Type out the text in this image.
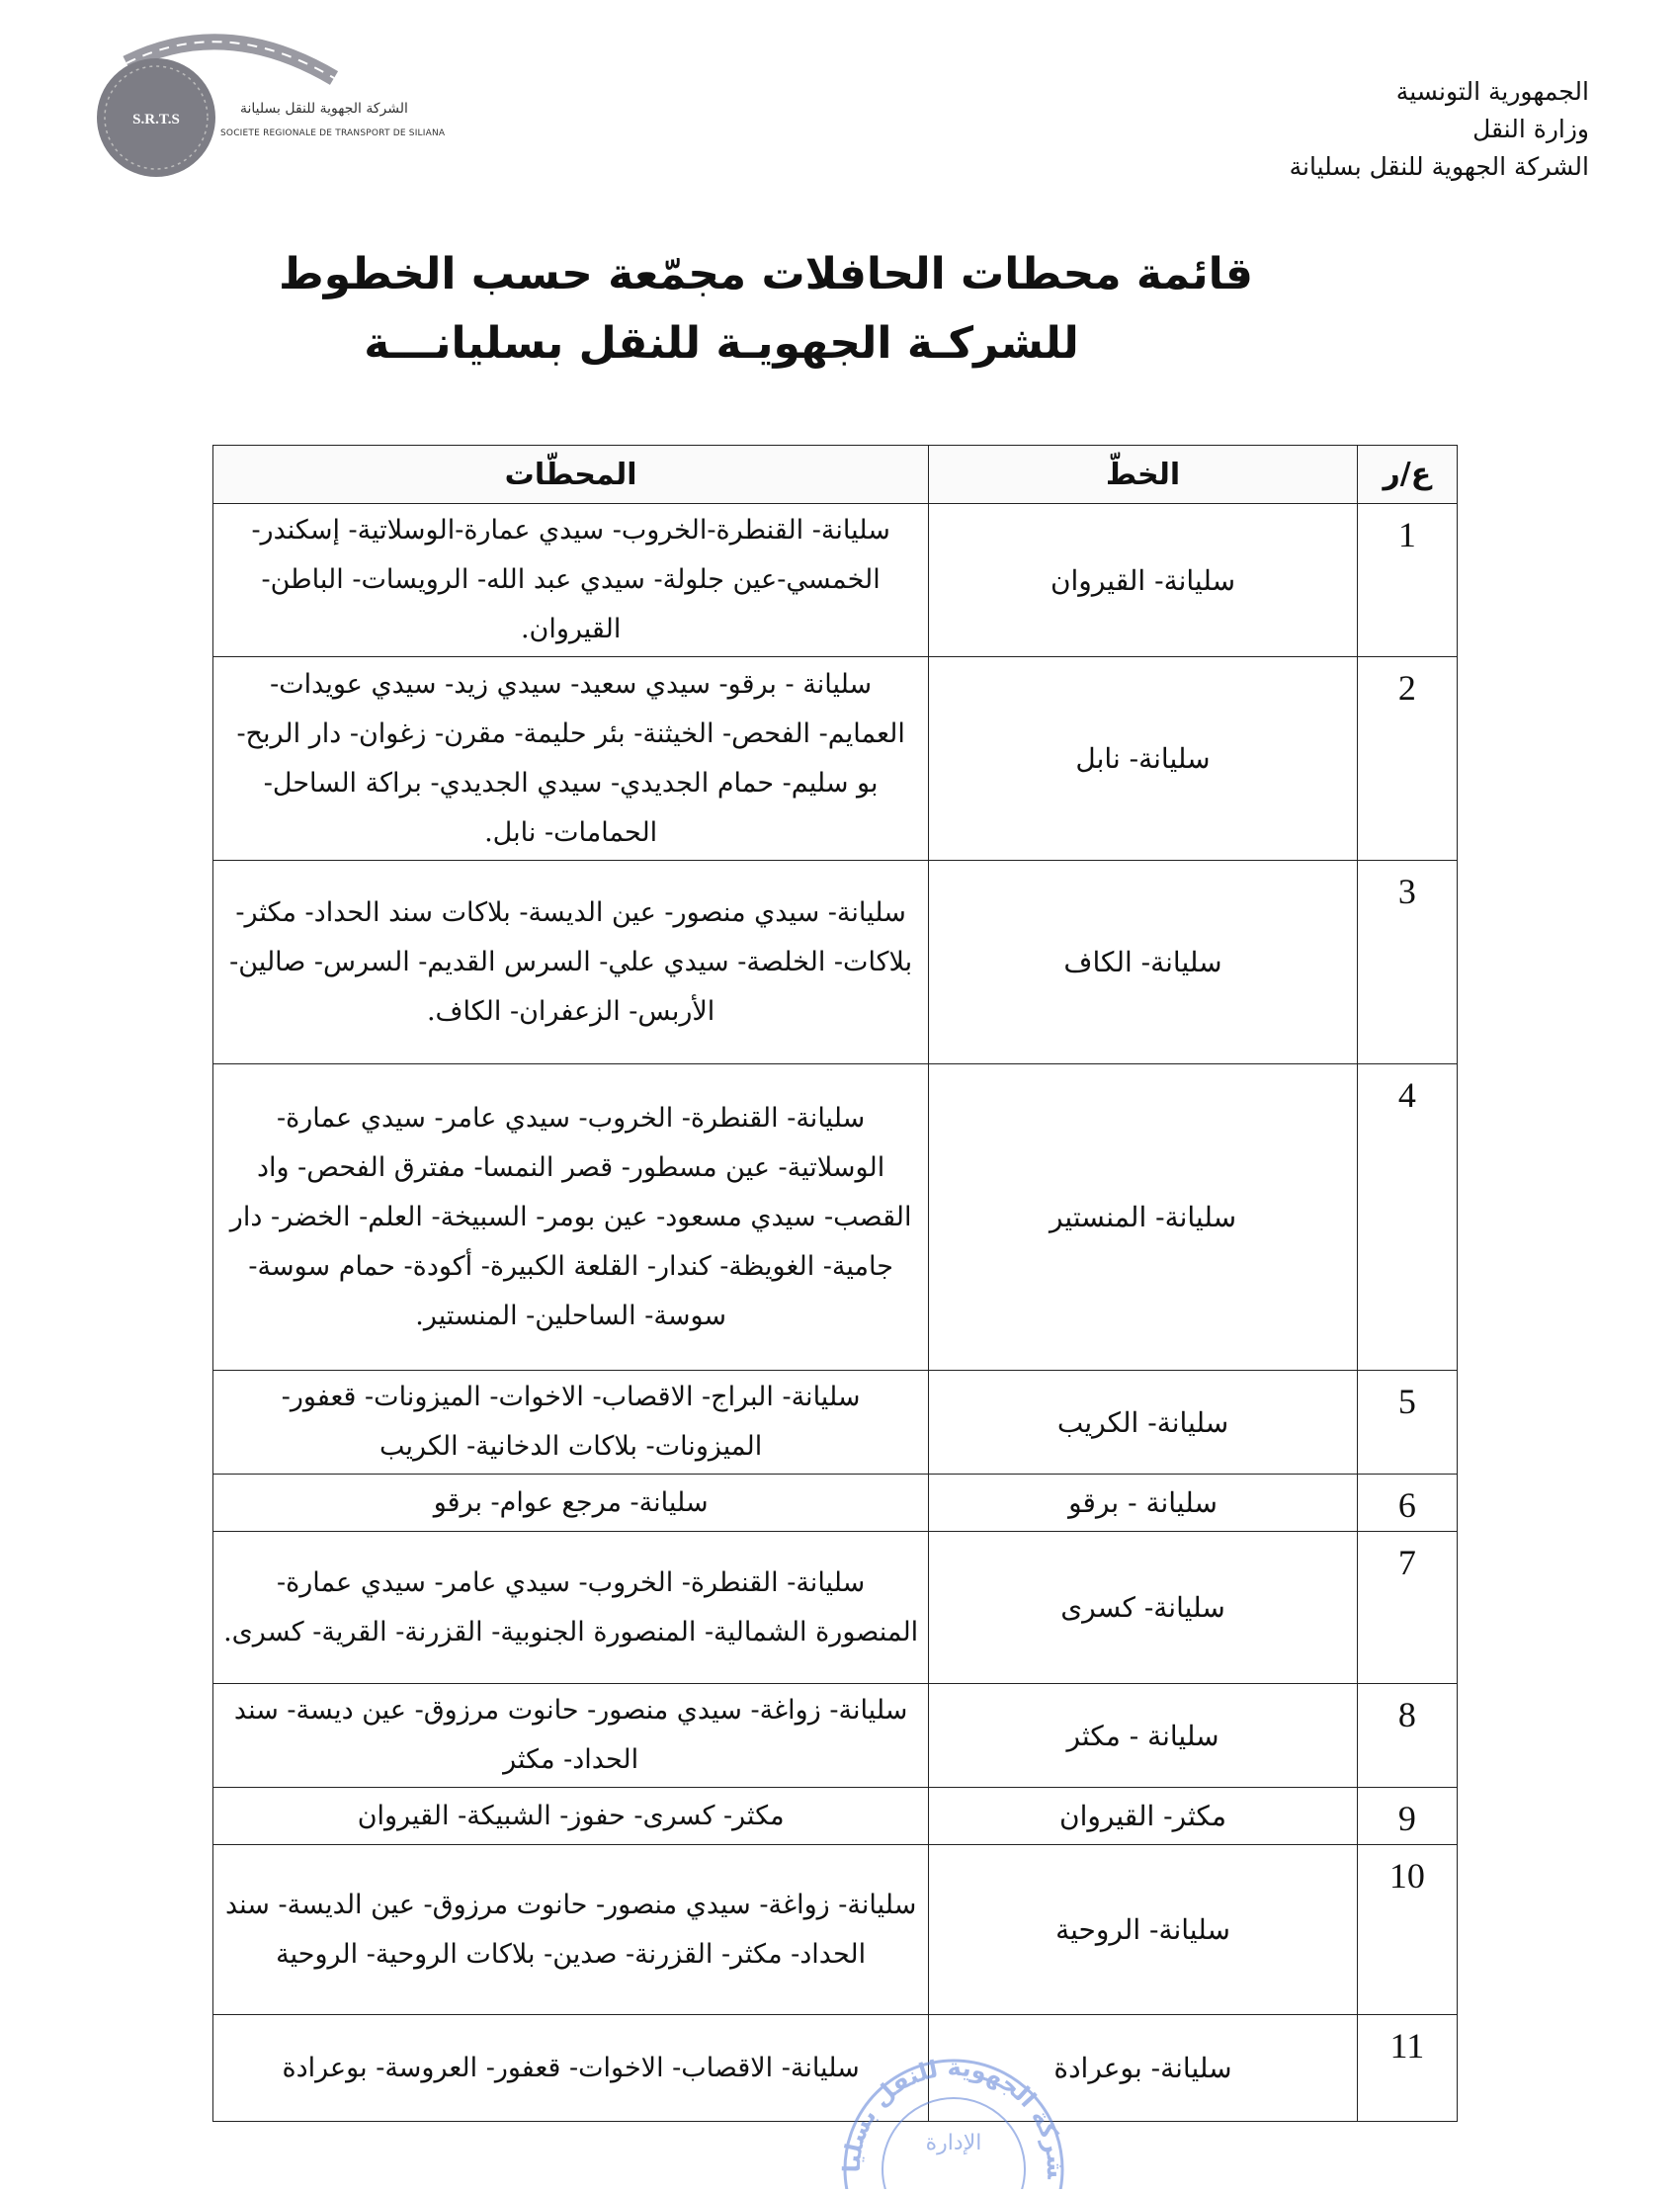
S.R.T.S
الشركة الجهوية للنقل بسليانة
SOCIETE REGIONALE DE TRANSPORT DE SILIANA
الجمهورية التونسية
وزارة النقل
الشركة الجهوية للنقل بسليانة
قائمة محطات الحافلات مجمّعة حسب الخطوط
للشركـة الجهويـة للنقل بسليانـــة
ع/ر	الخطّ	المحطّات
1	سليانة- القيروان	سليانة- القنطرة-الخروب- سيدي عمارة-الوسلاتية- إسكندر-الخمسي-عين جلولة- سيدي عبد الله- الرويسات- الباطن- القيروان.
2	سليانة- نابل	سليانة - برقو- سيدي سعيد- سيدي زيد- سيدي عويدات- العمايم- الفحص- الخيثنة- بئر حليمة- مقرن- زغوان- دار الربح- بو سليم- حمام الجديدي- سيدي الجديدي- براكة الساحل- الحمامات- نابل.
3	سليانة- الكاف	سليانة- سيدي منصور- عين الديسة- بلاكات سند الحداد- مكثر- بلاكات- الخلصة- سيدي علي- السرس القديم- السرس- صالين- الأربس- الزعفران- الكاف.
4	سليانة- المنستير	سليانة- القنطرة- الخروب- سيدي عامر- سيدي عمارة- الوسلاتية- عين مسطور- قصر النمسا- مفترق الفحص- واد القصب- سيدي مسعود- عين بومر- السبيخة- العلم- الخضر- دار جامية- الغويظة- كندار- القلعة الكبيرة- أكودة- حمام سوسة- سوسة- الساحلين- المنستير.
5	سليانة- الكريب	سليانة- البراج- الاقصاب- الاخوات- الميزونات- قعفور- الميزونات- بلاكات الدخانية- الكريب
6	سليانة - برقو	سليانة- مرجع عوام- برقو
7	سليانة- كسرى	سليانة- القنطرة- الخروب- سيدي عامر- سيدي عمارة- المنصورة الشمالية- المنصورة الجنوبية- القزرنة- القرية- كسرى.
8	سليانة - مكثر	سليانة- زواغة- سيدي منصور- حانوت مرزوق- عين ديسة- سند الحداد- مكثر
9	مكثر- القيروان	مكثر- كسرى- حفوز- الشبيكة- القيروان
10	سليانة- الروحية	سليانة- زواغة- سيدي منصور- حانوت مرزوق- عين الديسة- سند الحداد- مكثر- القزرنة- صدين- بلاكات الروحية- الروحية
11	سليانة- بوعرادة	سليانة- الاقصاب- الاخوات- قعفور- العروسة- بوعرادة
شركة الجهوية للنقل بسليا
الإدارة
